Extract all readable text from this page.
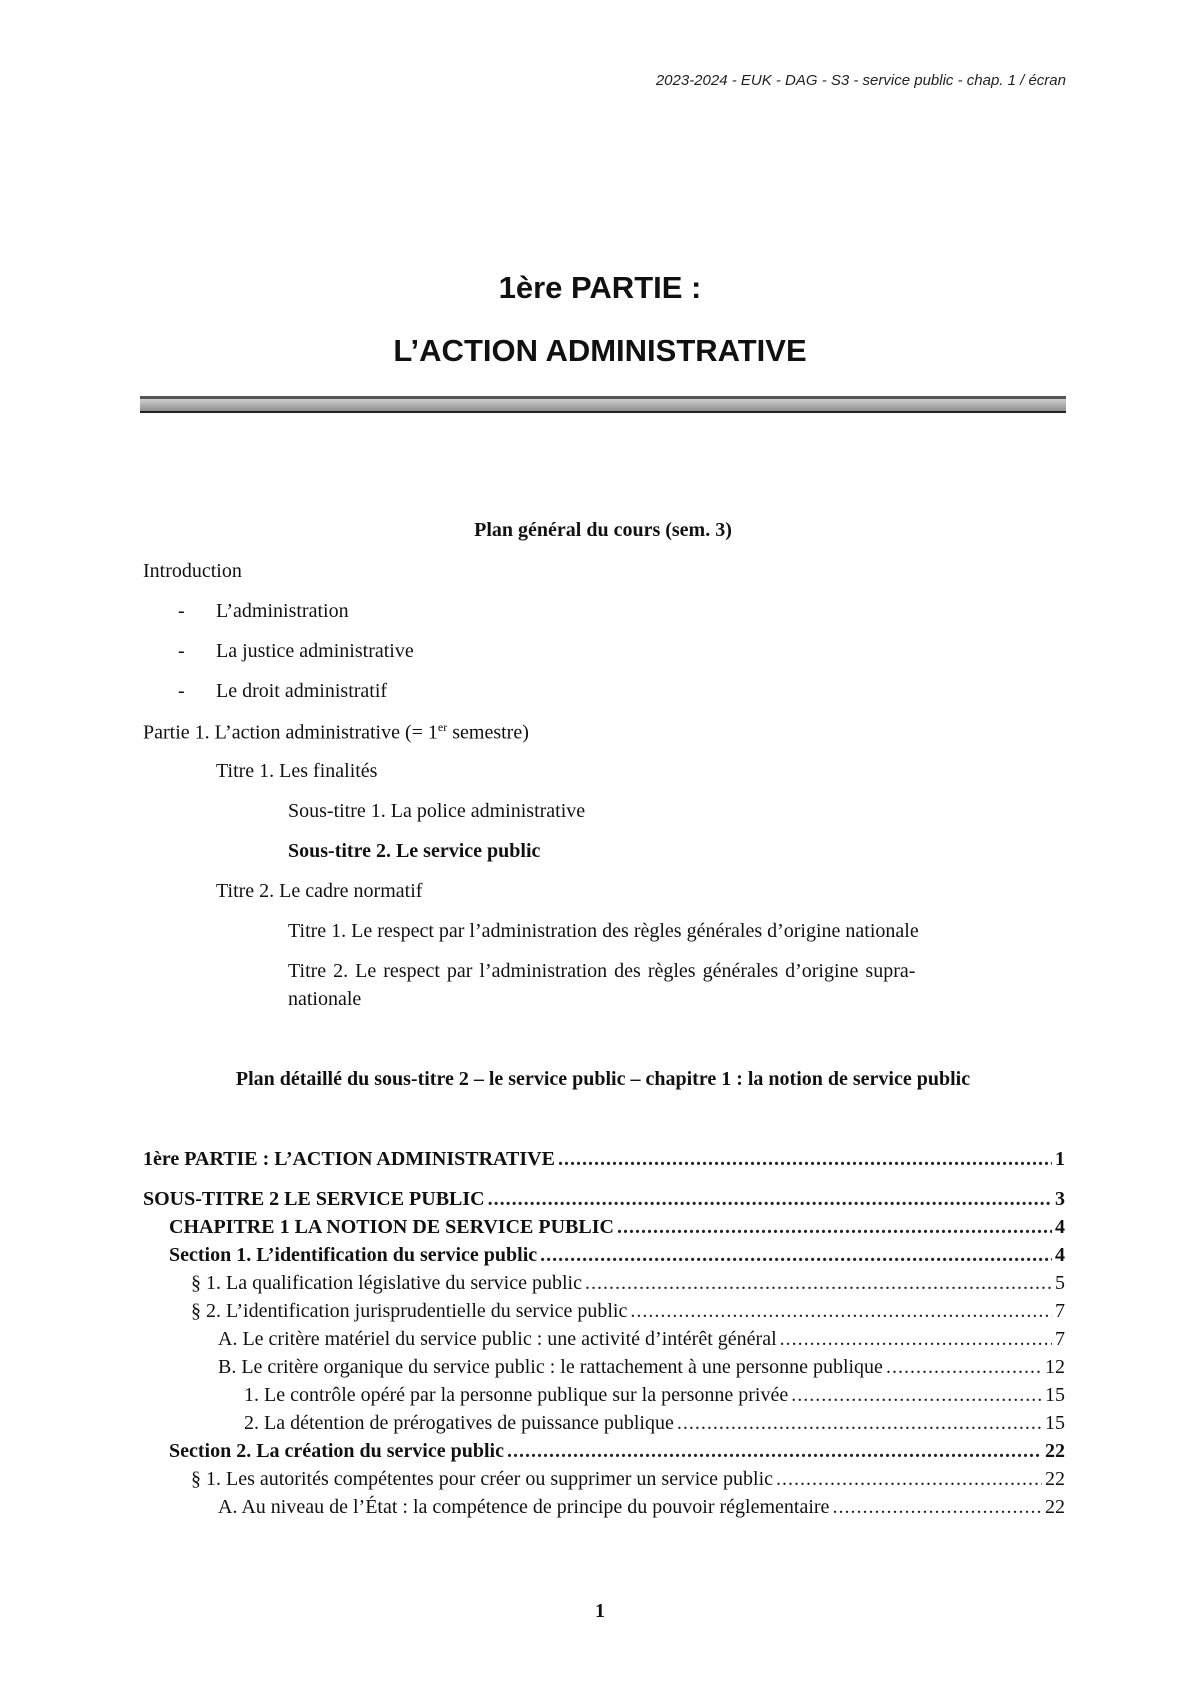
2023-2024 - EUK - DAG - S3 - service public - chap. 1 / écran
1ère PARTIE :
L’ACTION ADMINISTRATIVE
Plan général du cours (sem. 3)
Introduction
- L’administration
- La justice administrative
- Le droit administratif
Partie 1. L’action administrative (= 1er semestre)
Titre 1. Les finalités
Sous-titre 1. La police administrative
Sous-titre 2. Le service public
Titre 2. Le cadre normatif
Titre 1. Le respect par l’administration des règles générales d’origine nationale
Titre 2. Le respect par l’administration des règles générales d’origine supra-
nationale
Plan détaillé du sous-titre 2 – le service public – chapitre 1 : la notion de service public
1ère PARTIE : L’ACTION ADMINISTRATIVE .....	1
SOUS-TITRE 2 LE SERVICE PUBLIC .....	3
CHAPITRE 1 LA NOTION DE SERVICE PUBLIC .....	4
Section 1. L’identification du service public .....	4
§ 1. La qualification législative du service public .....	5
§ 2. L’identification jurisprudentielle du service public .....	7
A. Le critère matériel du service public : une activité d’intérêt général .....	7
B. Le critère organique du service public : le rattachement à une personne publique .....	12
1. Le contrôle opéré par la personne publique sur la personne privée .....	15
2. La détention de prérogatives de puissance publique .....	15
Section 2. La création du service public .....	22
§ 1. Les autorités compétentes pour créer ou supprimer un service public .....	22
A. Au niveau de l’État : la compétence de principe du pouvoir réglementaire .....	22
1
